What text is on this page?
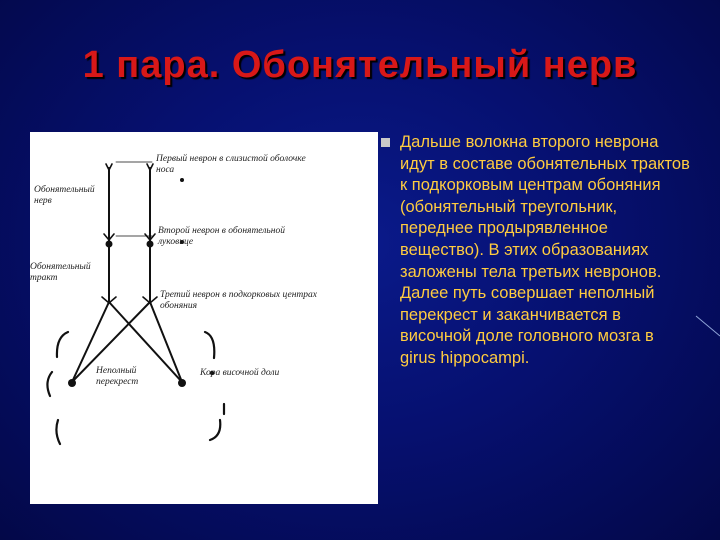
1 пара. Обонятельный нерв
Обонятельный
нерв
Обонятельный
тракт
Первый неврон в слизистой оболочке
носа
Второй неврон в обонятельной
луковице
Третий неврон в подкорковых центрах
обоняния
Неполный
перекрест
Кора височной доли
Дальше волокна второго неврона идут в составе обонятельных трактов к подкорковым центрам обоняния (обонятельный треугольник, переднее продырявленное вещество). В этих образованиях заложены тела третьих невронов. Далее путь совершает неполный перекрест и заканчивается в височной доле головного мозга в girus hippocampi.
